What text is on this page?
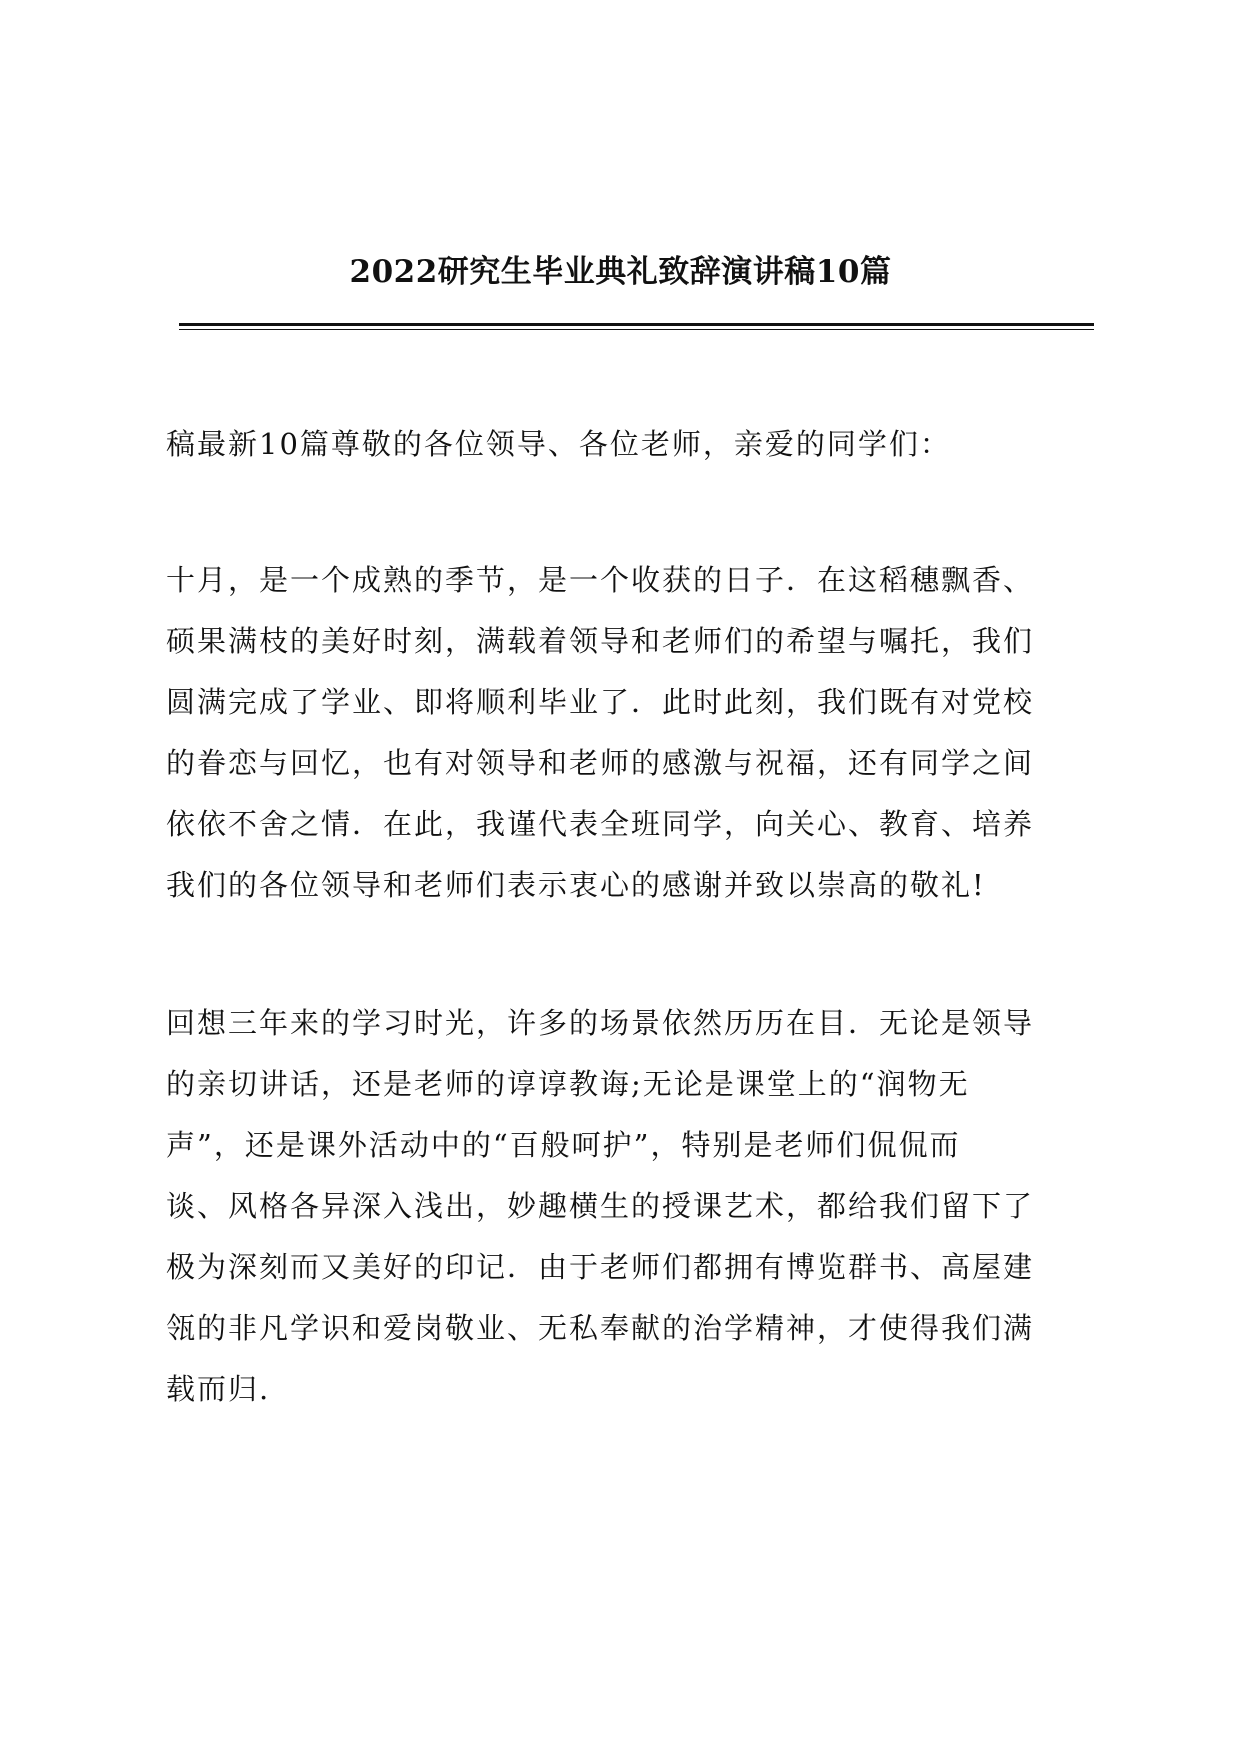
2022研究生毕业典礼致辞演讲稿10篇
稿最新10篇尊敬的各位领导、各位老师，亲爱的同学们：
十月，是一个成熟的季节，是一个收获的日子．在这稻穗飘香、
硕果满枝的美好时刻，满载着领导和老师们的希望与嘱托，我们
圆满完成了学业、即将顺利毕业了．此时此刻，我们既有对党校
的眷恋与回忆，也有对领导和老师的感激与祝福，还有同学之间
依依不舍之情．在此，我谨代表全班同学，向关心、教育、培养
我们的各位领导和老师们表示衷心的感谢并致以崇高的敬礼!
回想三年来的学习时光，许多的场景依然历历在目．无论是领导
的亲切讲话，还是老师的谆谆教诲;无论是课堂上的“润物无
声”，还是课外活动中的“百般呵护”，特别是老师们侃侃而
谈、风格各异深入浅出，妙趣横生的授课艺术，都给我们留下了
极为深刻而又美好的印记．由于老师们都拥有博览群书、高屋建
瓴的非凡学识和爱岗敬业、无私奉献的治学精神，才使得我们满
载而归.
